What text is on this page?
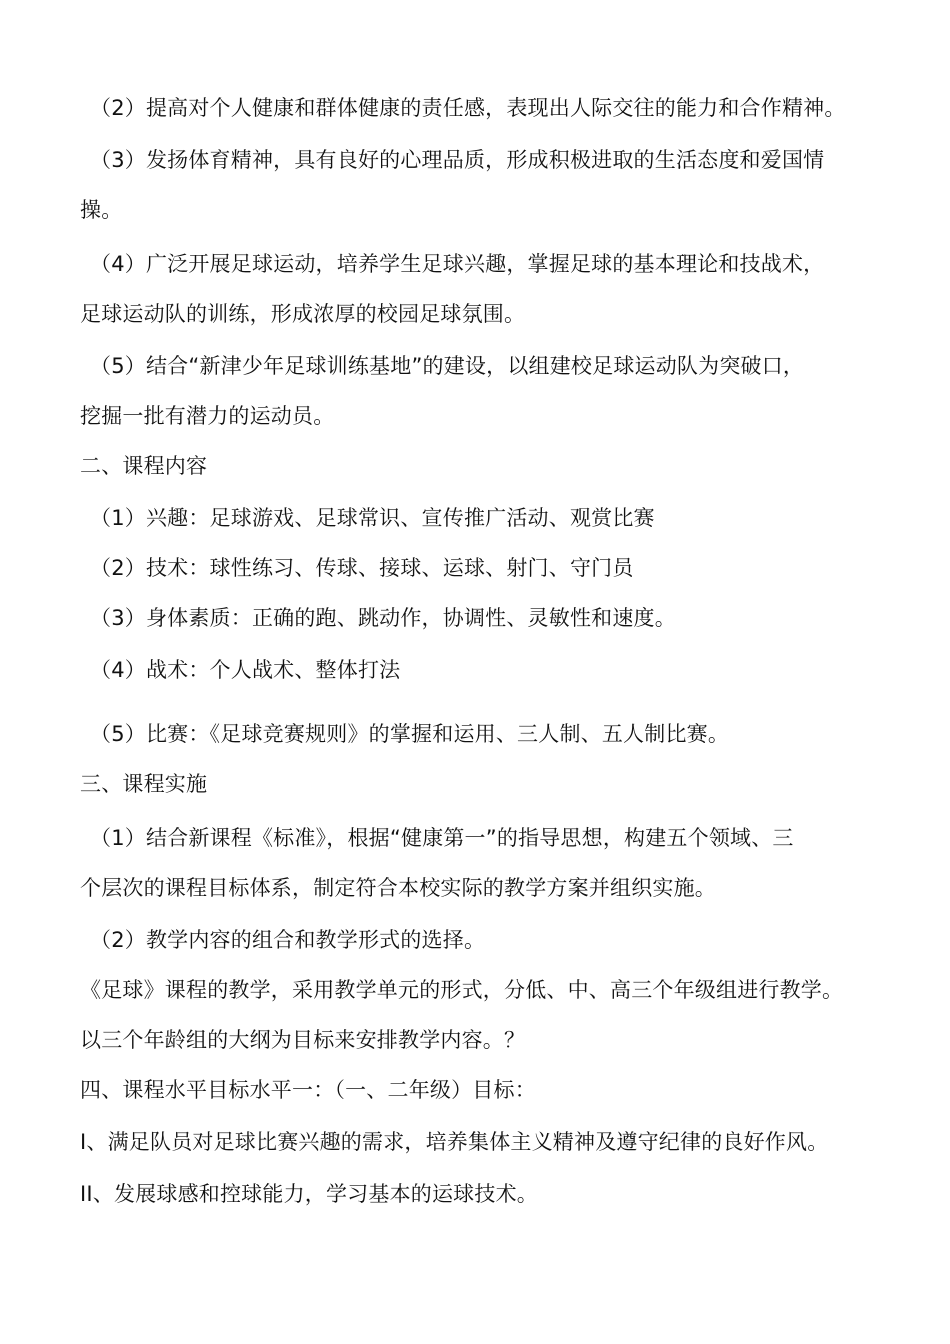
（2）提高对个人健康和群体健康的责任感，表现出人际交往的能力和合作精神。
（3）发扬体育精神，具有良好的心理品质，形成积极进取的生活态度和爱国情
操。
（4）广泛开展足球运动，培养学生足球兴趣，掌握足球的基本理论和技战术，
足球运动队的训练，形成浓厚的校园足球氛围。
（5）结合“新津少年足球训练基地”的建设，以组建校足球运动队为突破口，
挖掘一批有潜力的运动员。
二、课程内容
（1）兴趣：足球游戏、足球常识、宣传推广活动、观赏比赛
（2）技术：球性练习、传球、接球、运球、射门、守门员
（3）身体素质：正确的跑、跳动作，协调性、灵敏性和速度。
（4）战术：个人战术、整体打法
（5）比赛：《足球竞赛规则》的掌握和运用、三人制、五人制比赛。
三、课程实施
（1）结合新课程《标准》，根据“健康第一”的指导思想，构建五个领域、三
个层次的课程目标体系，制定符合本校实际的教学方案并组织实施。
（2）教学内容的组合和教学形式的选择。
《足球》课程的教学，采用教学单元的形式，分低、中、高三个年级组进行教学。
以三个年龄组的大纲为目标来安排教学内容。？
四、课程水平目标水平一：（一、二年级）目标：
I、满足队员对足球比赛兴趣的需求，培养集体主义精神及遵守纪律的良好作风。
II、发展球感和控球能力，学习基本的运球技术。
